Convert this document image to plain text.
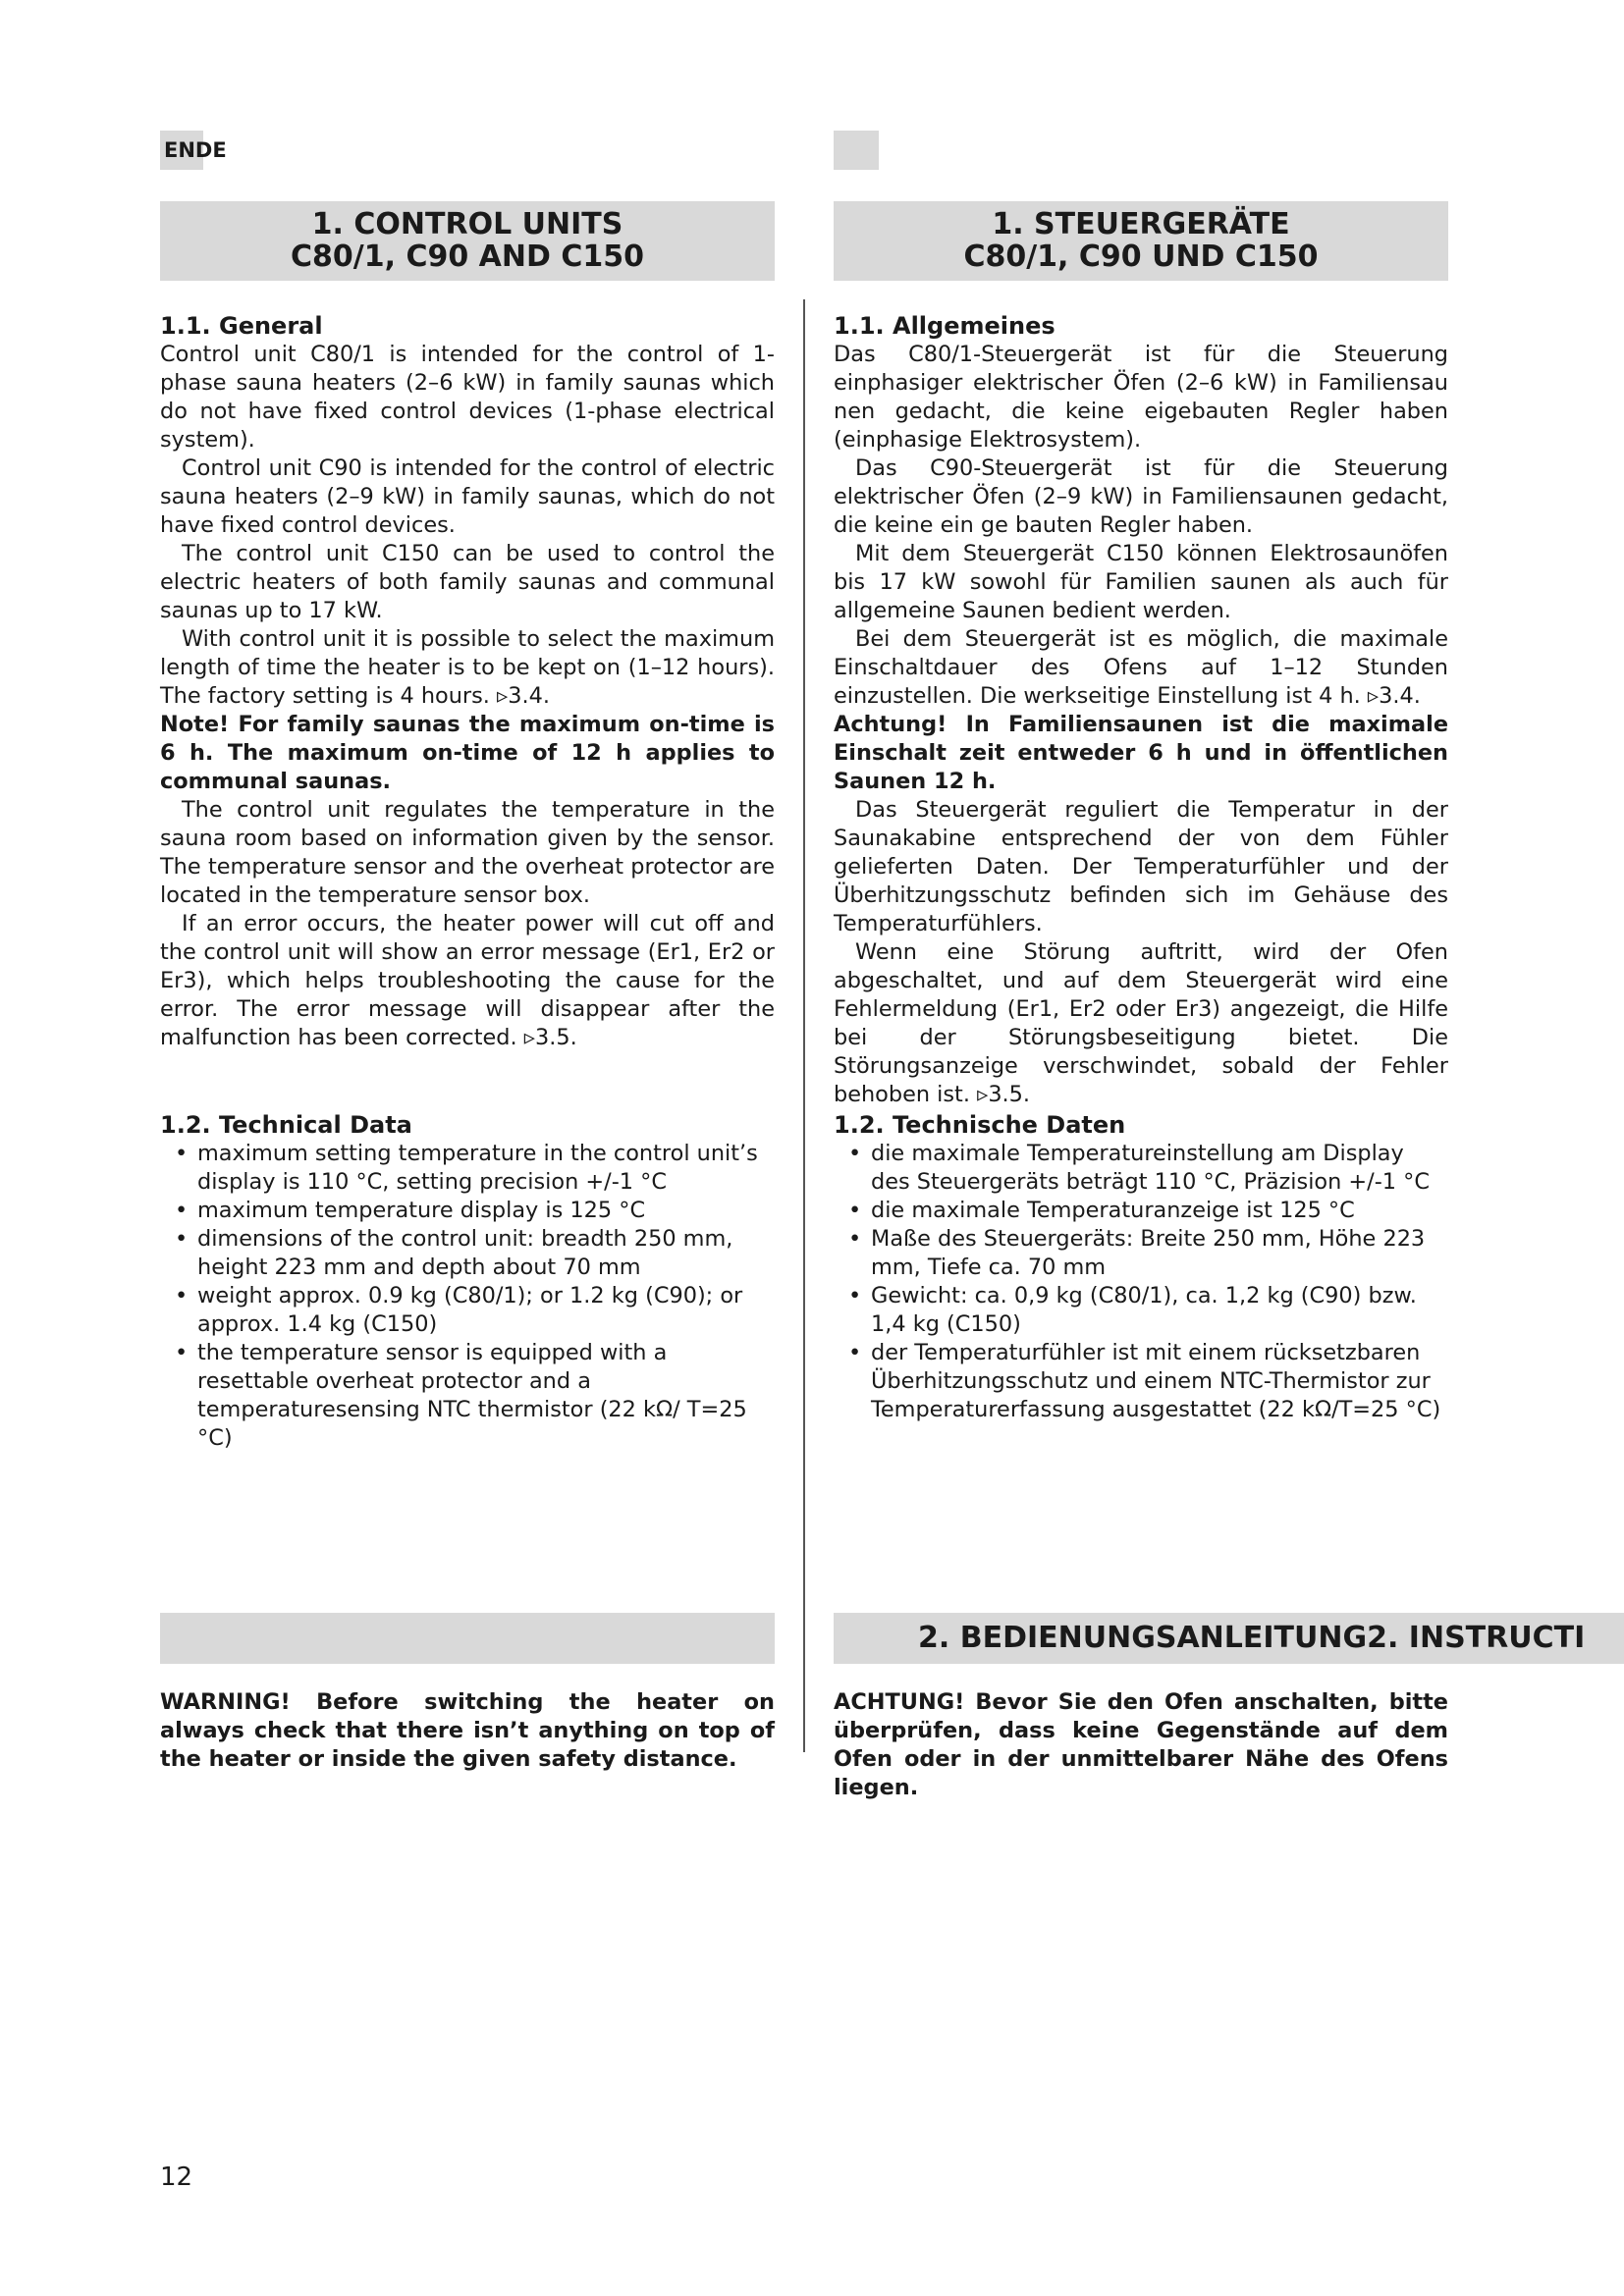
ENDE
1. CONTROL UNITS
C80/1, C90 AND C150
1.1. General

Control unit C80/1 is intended for the control of 1-phase sauna heaters (2–6 kW) in family saunas which do not have fixed control devices (1-phase electrical system).

Control unit C90 is intended for the control of electric sauna heaters (2–9 kW) in family saunas, which do not have fixed control devices.

The control unit C150 can be used to control the electric heaters of both family saunas and communal saunas up to 17 kW.

With control unit it is possible to select the maximum length of time the heater is to be kept on (1–12 hours). The factory setting is 4 hours. ▹3.4.

Note! For family saunas the maximum on-time is 6 h. The maximum on-time of 12 h applies to communal saunas.

The control unit regulates the temperature in the sauna room based on information given by the sensor. The temperature sensor and the overheat protector are located in the temperature sensor box.

If an error occurs, the heater power will cut off and the control unit will show an error message (Er1, Er2 or Er3), which helps troubleshooting the cause for the error. The error message will disappear after the malfunction has been corrected. ▹3.5.

1.2. Technical Data
• maximum setting temperature in the control unit’s display is 110 °C, setting precision +/-1 °C
• maximum temperature display is 125 °C
• dimensions of the control unit: breadth 250 mm, height 223 mm and depth about 70 mm
• weight approx. 0.9 kg (C80/1); or 1.2 kg (C90); or approx. 1.4 kg (C150)
• the temperature sensor is equipped with a resettable overheat protector and a temperaturesensing NTC thermistor (22 kΩ/ T=25 °C)
1. STEUERGERÄTE
C80/1, C90 UND C150
1.1. Allgemeines

Das C80/1-Steuergerät ist für die Steuerung einphasiger elektrischer Öfen (2–6 kW) in Familiensau nen gedacht, die keine eigebauten Regler haben (einphasige Elektrosystem).

Das C90-Steuergerät ist für die Steuerung elektrischer Öfen (2–9 kW) in Familiensaunen gedacht, die keine ein ge bauten Regler haben.

Mit dem Steuergerät C150 können Elektrosaunöfen bis 17 kW sowohl für Familien saunen als auch für allgemeine Saunen bedient werden.

Bei dem Steuergerät ist es möglich, die maximale Einschaltdauer des Ofens auf 1–12 Stunden einzustellen. Die werkseitige Einstellung ist 4 h. ▹3.4.

Achtung! In Familiensaunen ist die maximale Einschalt zeit entweder 6 h und in öffentlichen Saunen 12 h.

Das Steuergerät reguliert die Temperatur in der Saunakabine entsprechend der von dem Fühler gelieferten Daten. Der Temperaturfühler und der Überhitzungsschutz befinden sich im Gehäuse des Temperaturfühlers.

Wenn eine Störung auftritt, wird der Ofen abgeschaltet, und auf dem Steuergerät wird eine Fehlermeldung (Er1, Er2 oder Er3) angezeigt, die Hilfe bei der Störungsbeseitigung bietet. Die Störungsanzeige verschwindet, sobald der Fehler behoben ist. ▹3.5.

1.2. Technische Daten
• die maximale Temperatureinstellung am Display des Steuergeräts beträgt 110 °C, Präzision +/-1 °C
• die maximale Temperaturanzeige ist 125 °C
• Maße des Steuergeräts: Breite 250 mm, Höhe 223 mm, Tiefe ca. 70 mm
• Gewicht: ca. 0,9 kg (C80/1), ca. 1,2 kg (C90) bzw. 1,4 kg (C150)
• der Temperaturfühler ist mit einem rücksetzbaren Überhitzungsschutz und einem NTC-Thermistor zur Temperaturerfassung ausgestattet (22 kΩ/T=25 °C)
2. BEDIENUNGSANLEITUNG2. INSTRUCTI
WARNING! Before switching the heater on always check that there isn’t anything on top of the heater or inside the given safety distance.
ACHTUNG! Bevor Sie den Ofen anschalten, bitte überprüfen, dass keine Gegenstände auf dem Ofen oder in der unmittelbarer Nähe des Ofens liegen.
12
